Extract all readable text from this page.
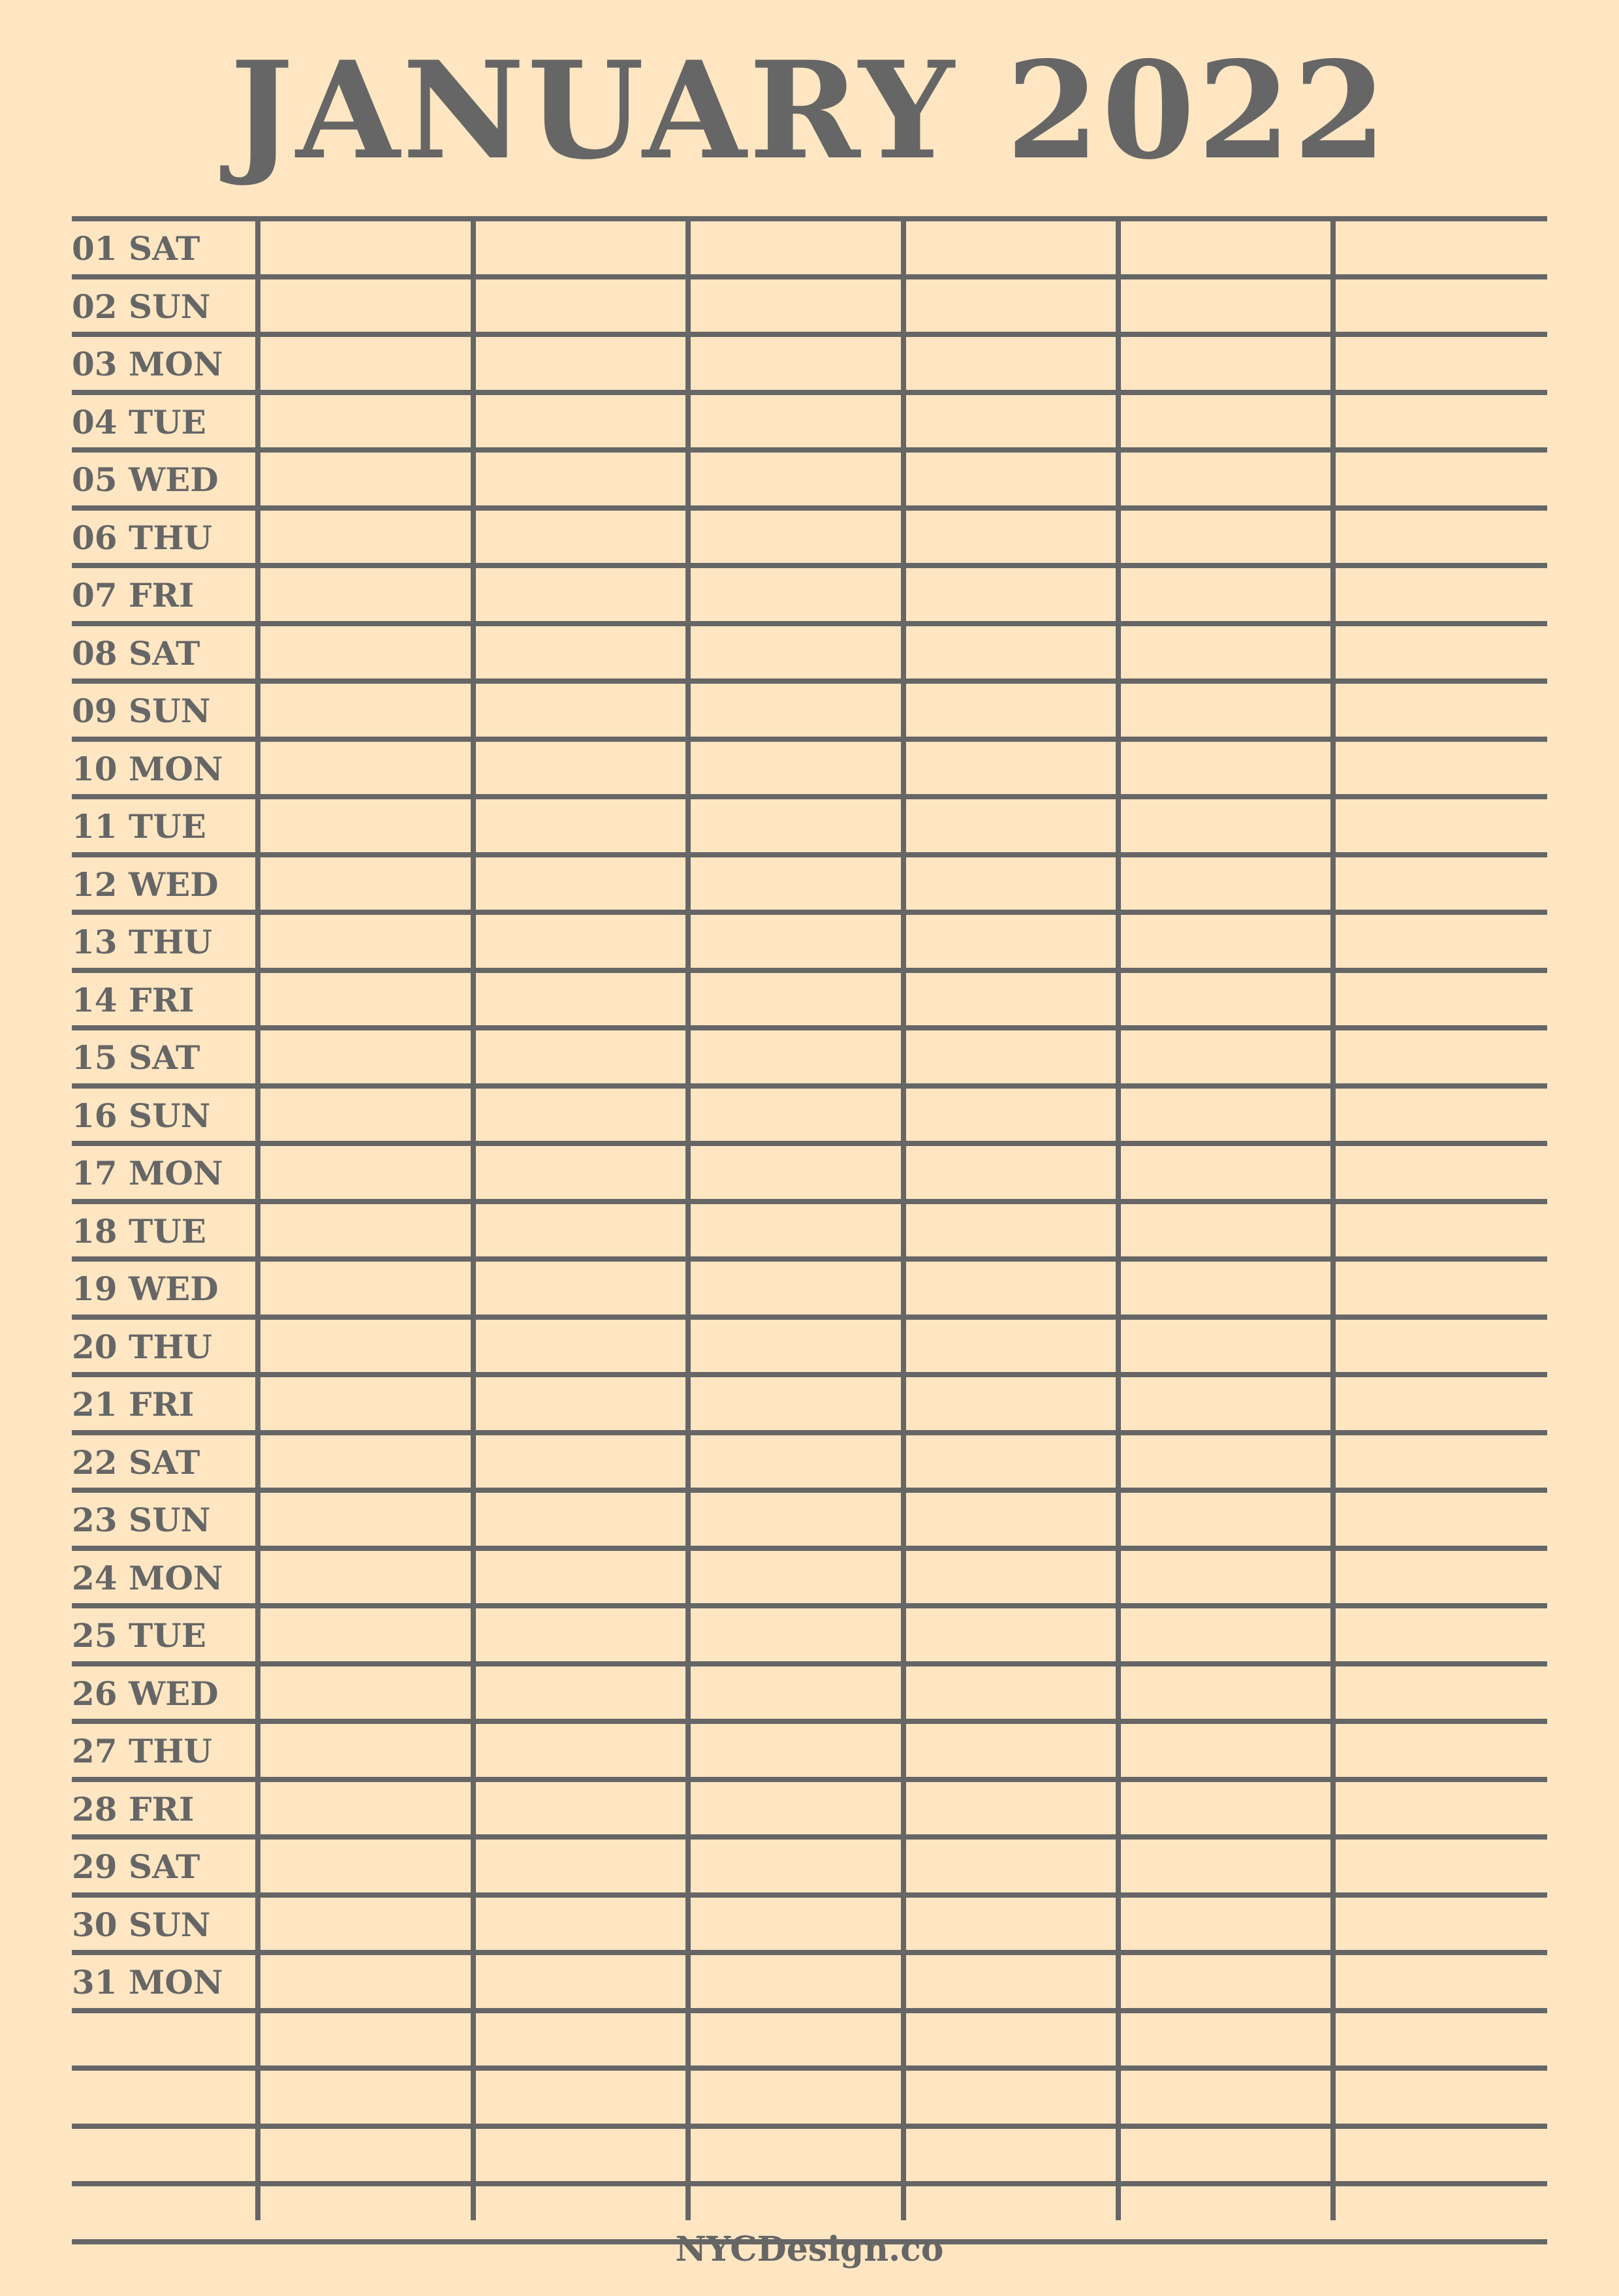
JANUARY 2022
01 SAT
02 SUN
03 MON
04 TUE
05 WED
06 THU
07 FRI
08 SAT
09 SUN
10 MON
11 TUE
12 WED
13 THU
14 FRI
15 SAT
16 SUN
17 MON
18 TUE
19 WED
20 THU
21 FRI
22 SAT
23 SUN
24 MON
25 TUE
26 WED
27 THU
28 FRI
29 SAT
30 SUN
31 MON
NYCDesign.co
